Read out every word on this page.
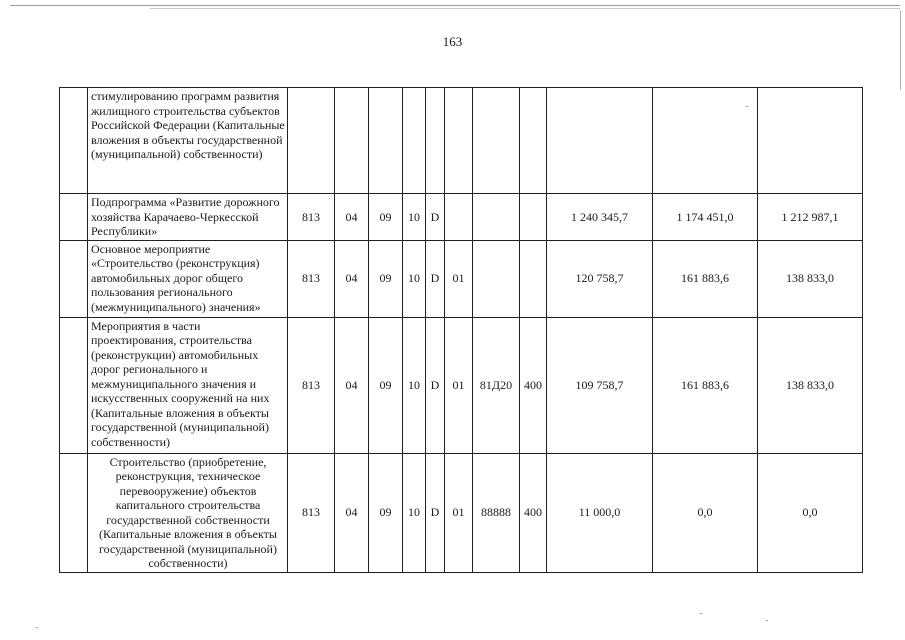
163
	стимулированию программ развития жилищного строительства субъектов Российской Федерации (Капитальные вложения в объекты государственной (муниципальной) собственности)											
	Подпрограмма «Развитие дорожного хозяйства Карачаево-Черкесской Республики»	813	04	09	10	D				1 240 345,7	1 174 451,0	1 212 987,1
	Основное мероприятие «Строительство (реконструкция) автомобильных дорог общего пользования регионального (межмуниципального) значения»	813	04	09	10	D	01			120 758,7	161 883,6	138 833,0
	Мероприятия в части проектирования, строительства (реконструкции) автомобильных дорог регионального и межмуниципального значения и искусственных сооружений на них (Капитальные вложения в объекты государственной (муниципальной) собственности)	813	04	09	10	D	01	81Д20	400	109 758,7	161 883,6	138 833,0
	Строительство (приобретение, реконструкция, техническое перевооружение) объектов капитального строительства государственной собственности (Капитальные вложения в объекты государственной (муниципальной) собственности)	813	04	09	10	D	01	88888	400	11 000,0	0,0	0,0
